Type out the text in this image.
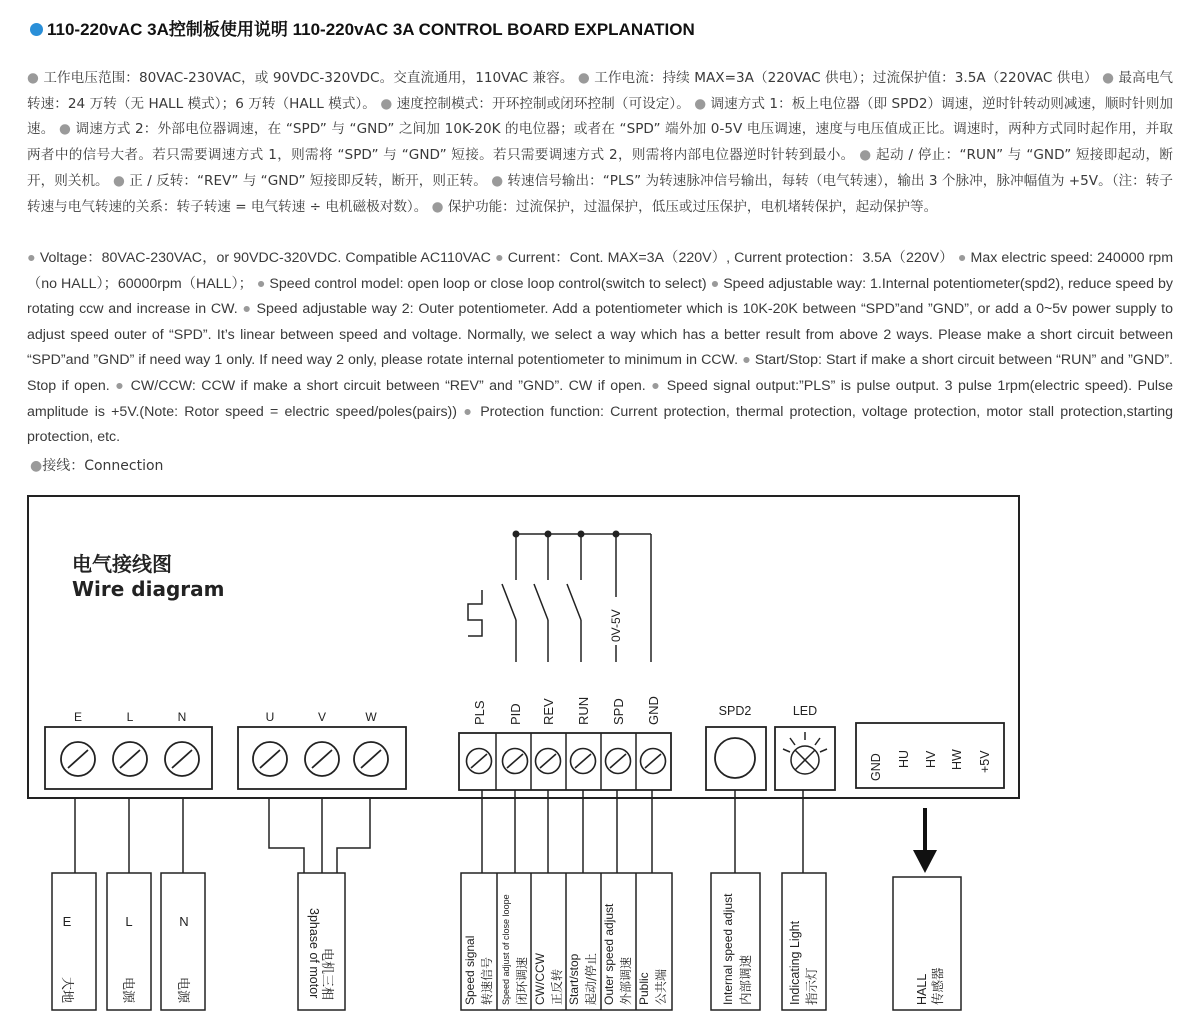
110-220vAC 3A控制板使用说明 110-220vAC 3A CONTROL BOARD EXPLANATION
● 工作电压范围：80VAC-230VAC，或 90VDC-320VDC。交直流通用，110VAC 兼容。 ● 工作电流：持续 MAX=3A（220VAC 供电）；过流保护值：3.5A（220VAC 供电） ● 最高电气转速：24 万转（无 HALL 模式）；6 万转（HALL 模式）。 ● 速度控制模式：开环控制或闭环控制（可设定）。 ● 调速方式 1：板上电位器（即 SPD2）调速，逆时针转动则减速，顺时针则加速。 ● 调速方式 2：外部电位器调速，在 “SPD” 与 “GND” 之间加 10K-20K 的电位器；或者在 “SPD” 端外加 0-5V 电压调速，速度与电压值成正比。调速时，两种方式同时起作用，并取两者中的信号大者。若只需要调速方式 1，则需将 “SPD” 与 “GND” 短接。若只需要调速方式 2，则需将内部电位器逆时针转到最小。 ● 起动 / 停止：“RUN” 与 “GND” 短接即起动，断开，则关机。 ● 正 / 反转：“REV” 与 “GND” 短接即反转，断开，则正转。 ● 转速信号输出：“PLS” 为转速脉冲信号输出，每转（电气转速），输出 3 个脉冲，脉冲幅值为 +5V。（注：转子转速与电气转速的关系：转子转速 = 电气转速 ÷ 电机磁极对数）。 ● 保护功能：过流保护，过温保护，低压或过压保护，电机堵转保护，起动保护等。
● Voltage：80VAC-230VAC，or 90VDC-320VDC. Compatible AC110VAC ● Current：Cont. MAX=3A（220V）, Current protection：3.5A（220V） ● Max electric speed: 240000 rpm（no HALL）；60000rpm（HALL）； ● Speed control model: open loop or close loop control(switch to select) ● Speed adjustable way: 1.Internal potentiometer(spd2), reduce speed by rotating ccw and increase in CW. ● Speed adjustable way 2: Outer potentiometer. Add a potentiometer which is 10K-20K between “SPD”and ”GND”, or add a 0~5v power supply to adjust speed outer of “SPD”. It’s linear between speed and voltage. Normally, we select a way which has a better result from above 2 ways. Please make a short circuit between “SPD”and ”GND” if need way 1 only. If need way 2 only, please rotate internal potentiometer to minimum in CCW. ● Start/Stop: Start if make a short circuit between “RUN” and ”GND”. Stop if open. ● CW/CCW: CCW if make a short circuit between “REV” and ”GND”. CW if open. ● Speed signal output:”PLS” is pulse output. 3 pulse 1rpm(electric speed). Pulse amplitude is +5V.(Note: Rotor speed = electric speed/poles(pairs)) ● Protection function: Current protection, thermal protection, voltage protection, motor stall protection,starting protection, etc.
●接线：Connection
电气接线图
Wire diagram
E	L	N	U	V	W	PLS PID REV RUN SPD GND
0V-5V
SPD2	LED
GND HU HV HW +5V
E
大地
L
电源
N
电源	3phase of motor
电机三相	Speed signal 转速信号 Speed adjust of close loope 闭环调速 CW/CCW 正反转 Start/stop 起动/停止 Outer speed adjust 外部调速 Public 公共端	Internal speed adjust 内部调速	Indicating Light 指示灯	HALL 传感器
